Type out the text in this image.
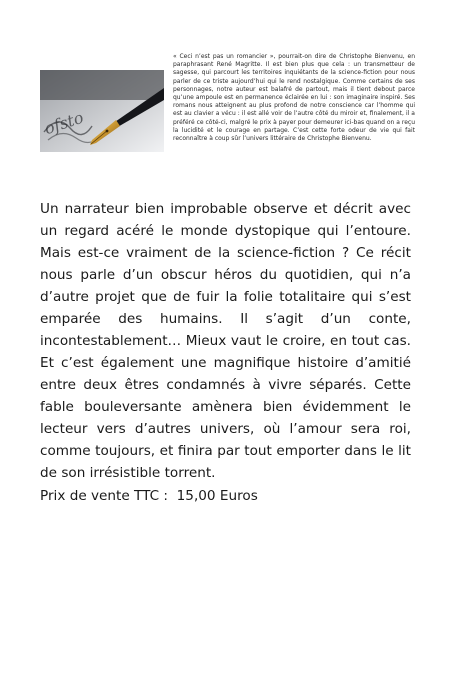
ofsto

« Ceci n’est pas un romancier », pourrait-on dire de Christophe Bienvenu, en paraphrasant René Magritte. Il est bien plus que cela : un transmetteur de sagesse, qui parcourt les territoires inquiétants de la science-fiction pour nous parler de ce triste aujourd’hui qui le rend nostalgique. Comme certains de ses personnages, notre auteur est balafré de partout, mais il tient debout parce qu’une ampoule est en permanence éclairée en lui : son imaginaire inspiré. Ses romans nous atteignent au plus profond de notre conscience car l’homme qui est au clavier a vécu : il est allé voir de l’autre côté du miroir et, finalement, il a préféré ce côté-ci, malgré le prix à payer pour demeurer ici-bas quand on a reçu la lucidité et le courage en partage. C’est cette forte odeur de vie qui fait reconnaître à coup sûr l’univers littéraire de Christophe Bienvenu.

Un narrateur bien improbable observe et décrit avec un regard acéré le monde dystopique qui l’entoure. Mais est-ce vraiment de la science-fiction ? Ce récit nous parle d’un obscur héros du quotidien, qui n’a d’autre projet que de fuir la folie totalitaire qui s’est emparée des humains. Il s’agit d’un conte, incontestablement… Mieux vaut le croire, en tout cas. Et c’est également une magnifique histoire d’amitié entre deux êtres condamnés à vivre séparés. Cette fable bouleversante amènera bien évidemment le lecteur vers d’autres univers, où l’amour sera roi, comme toujours, et finira par tout emporter dans le lit de son irrésistible torrent.

Prix de vente TTC :  15,00 Euros
